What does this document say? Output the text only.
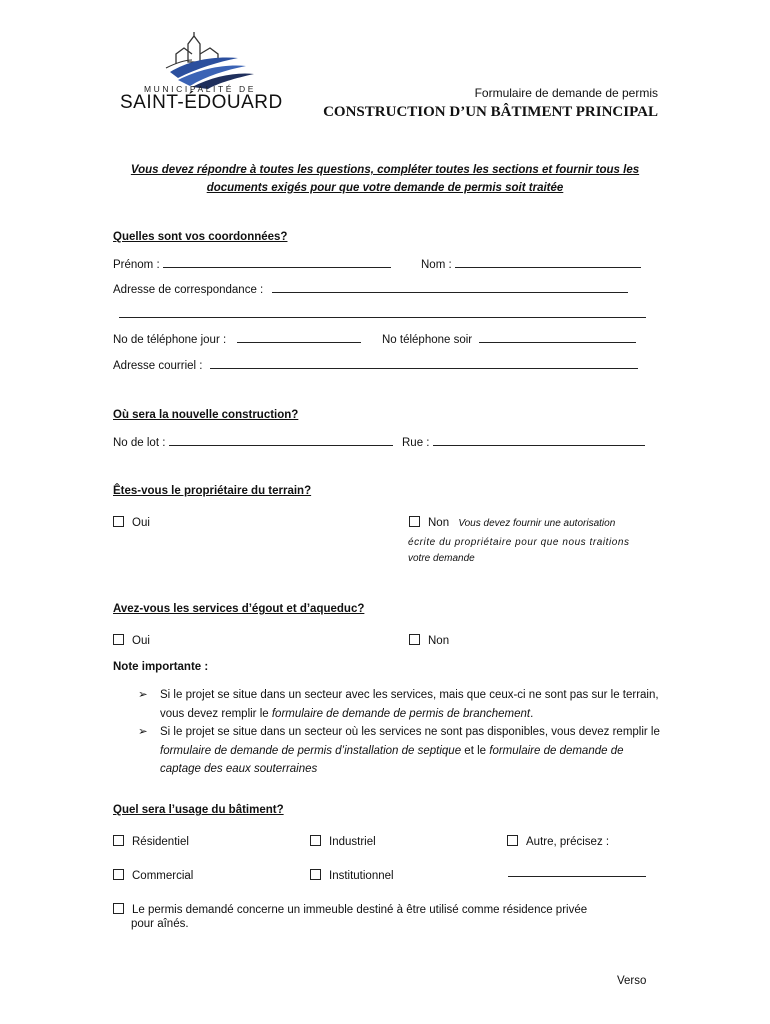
MUNICIPALITÉ DE
SAINT-ÉDOUARD	Formulaire de demande de permis
CONSTRUCTION D’UN BÂTIMENT PRINCIPAL
Vous devez répondre à toutes les questions, compléter toutes les sections et fournir tous les documents exigés pour que votre demande de permis soit traitée
Quelles sont vos coordonnées?
Prénom :	Nom :
Adresse de correspondance :
No de téléphone jour :	No téléphone soir
Adresse courriel :
Où sera la nouvelle construction?
No de lot :	Rue :
Êtes-vous le propriétaire du terrain?
Oui	Non Vous devez fournir une autorisation
écrite du propriétaire pour que nous traitions
votre demande
Avez-vous les services d’égout et d’aqueduc?
Oui	Non
Note importante :
➢ Si le projet se situe dans un secteur avec les services, mais que ceux-ci ne sont pas sur le terrain, vous devez remplir le formulaire de demande de permis de branchement.
➢ Si le projet se situe dans un secteur où les services ne sont pas disponibles, vous devez remplir le formulaire de demande de permis d’installation de septique et le formulaire de demande de captage des eaux souterraines
Quel sera l’usage du bâtiment?
Résidentiel	Industriel	Autre, précisez :
Commercial	Institutionnel
Le permis demandé concerne un immeuble destiné à être utilisé comme résidence privée
pour aînés.
Verso
